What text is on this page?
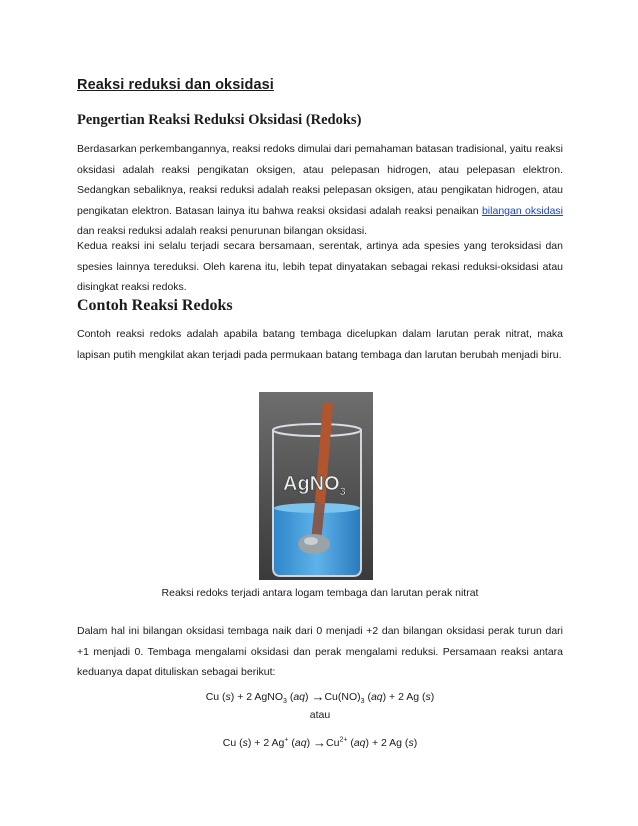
Reaksi reduksi dan oksidasi
Pengertian Reaksi Reduksi Oksidasi (Redoks)

Berdasarkan perkembangannya, reaksi redoks dimulai dari pemahaman batasan tradisional, yaitu reaksi oksidasi adalah reaksi pengikatan oksigen, atau pelepasan hidrogen, atau pelepasan elektron. Sedangkan sebaliknya, reaksi reduksi adalah reaksi pelepasan oksigen, atau pengikatan hidrogen, atau pengikatan elektron. Batasan lainya itu bahwa reaksi oksidasi adalah reaksi penaikan bilangan oksidasi dan reaksi reduksi adalah reaksi penurunan bilangan oksidasi.

Kedua reaksi ini selalu terjadi secara bersamaan, serentak, artinya ada spesies yang teroksidasi dan spesies lainnya tereduksi. Oleh karena itu, lebih tepat dinyatakan sebagai rekasi reduksi-oksidasi atau disingkat reaksi redoks.

Contoh Reaksi Redoks

Contoh reaksi redoks adalah apabila batang tembaga dicelupkan dalam larutan perak nitrat, maka lapisan putih mengkilat akan terjadi pada permukaan batang tembaga dan larutan berubah menjadi biru.

Dalam hal ini bilangan oksidasi tembaga naik dari 0 menjadi +2 dan bilangan oksidasi perak turun dari +1 menjadi 0. Tembaga mengalami oksidasi dan perak mengalami reduksi. Persamaan reaksi antara keduanya dapat dituliskan sebagai berikut:

AgNO$_3$
Reaksi redoks terjadi antara logam tembaga dan larutan perak nitrat
Cu (s) + 2 AgNO$_3$ $(aq) \to Cu(NO)_3$ (aq) + 2 Ag (s)
atau
Cu (s) + 2 Ag+ $(aq) \to Cu^{2+}$ (aq) + 2 Ag (s)
